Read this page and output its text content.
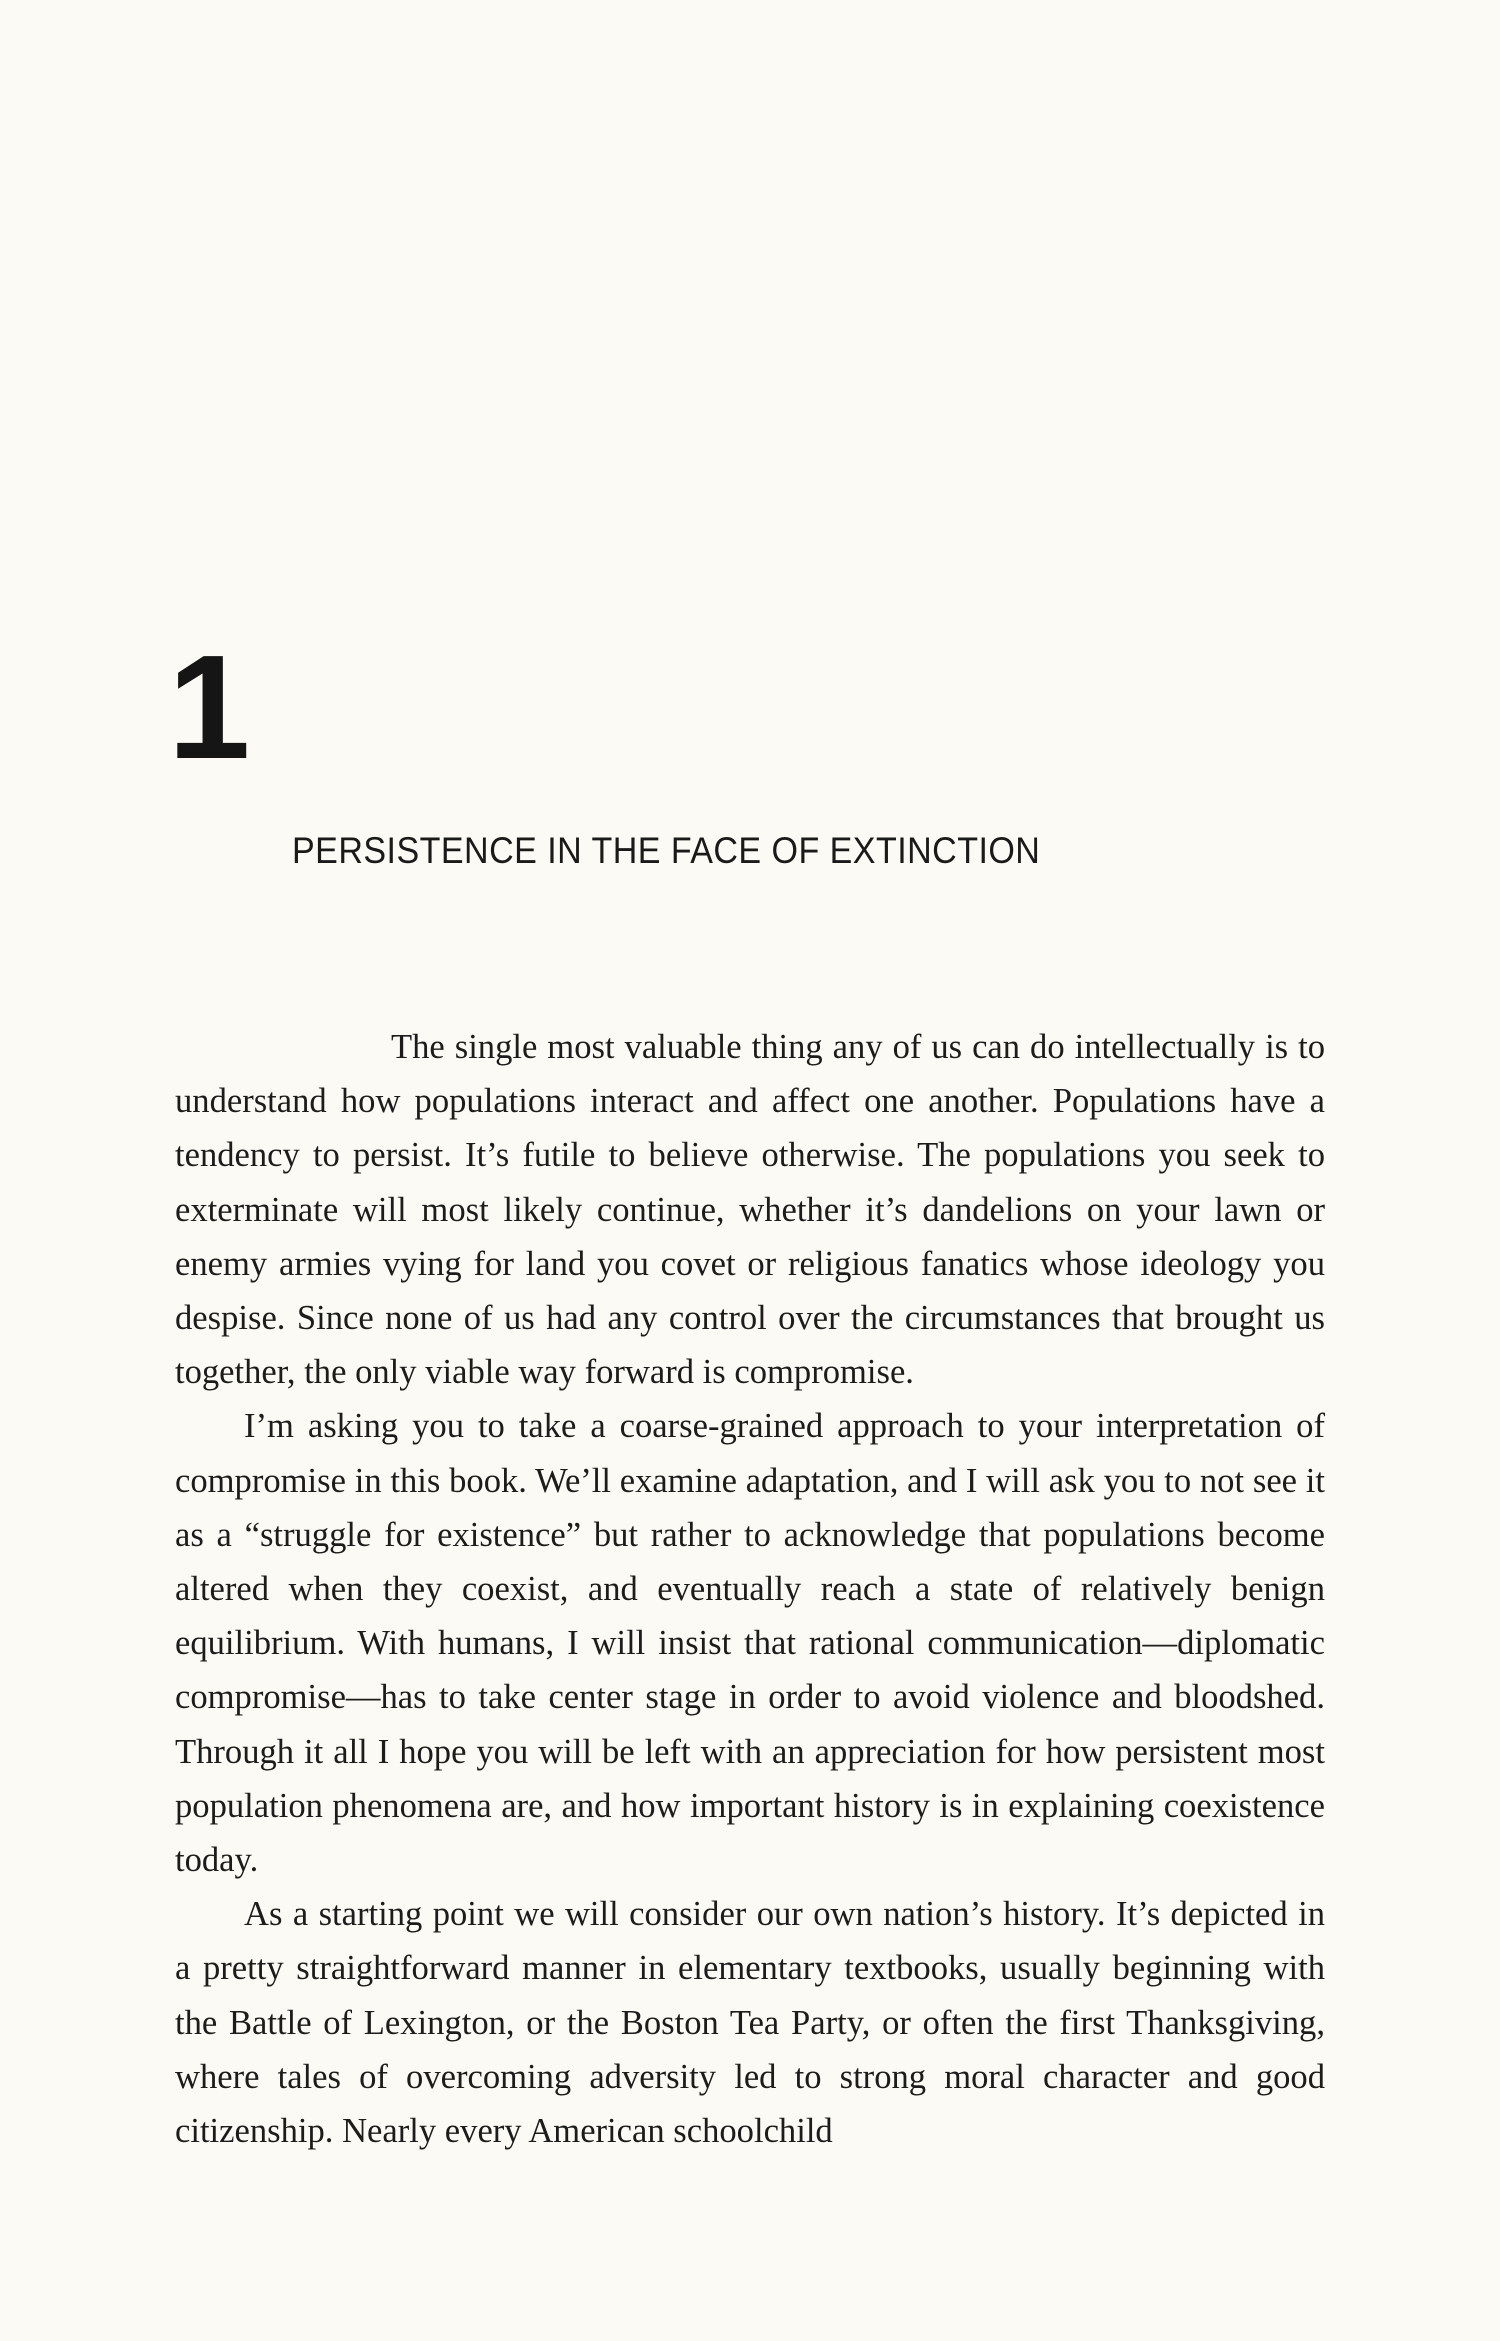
1
PERSISTENCE IN THE FACE OF EXTINCTION

The single most valuable thing any of us can do intellectually is to understand how populations interact and affect one another. Populations have a tendency to persist. It’s futile to believe otherwise. The populations you seek to exterminate will most likely continue, whether it’s dandelions on your lawn or enemy armies vying for land you covet or religious fanatics whose ideology you despise. Since none of us had any control over the circumstances that brought us together, the only viable way forward is compromise.

I’m asking you to take a coarse-grained approach to your interpretation of compromise in this book. We’ll examine adaptation, and I will ask you to not see it as a “struggle for existence” but rather to acknowledge that populations become altered when they coexist, and eventually reach a state of relatively benign equilibrium. With humans, I will insist that rational communication—diplomatic compromise—has to take center stage in order to avoid violence and bloodshed. Through it all I hope you will be left with an appreciation for how persistent most population phenomena are, and how important history is in explaining coexistence today.

As a starting point we will consider our own nation’s history. It’s depicted in a pretty straightforward manner in elementary textbooks, usually beginning with the Battle of Lexington, or the Boston Tea Party, or often the first Thanksgiving, where tales of overcoming adversity led to strong moral character and good citizenship. Nearly every American schoolchild
